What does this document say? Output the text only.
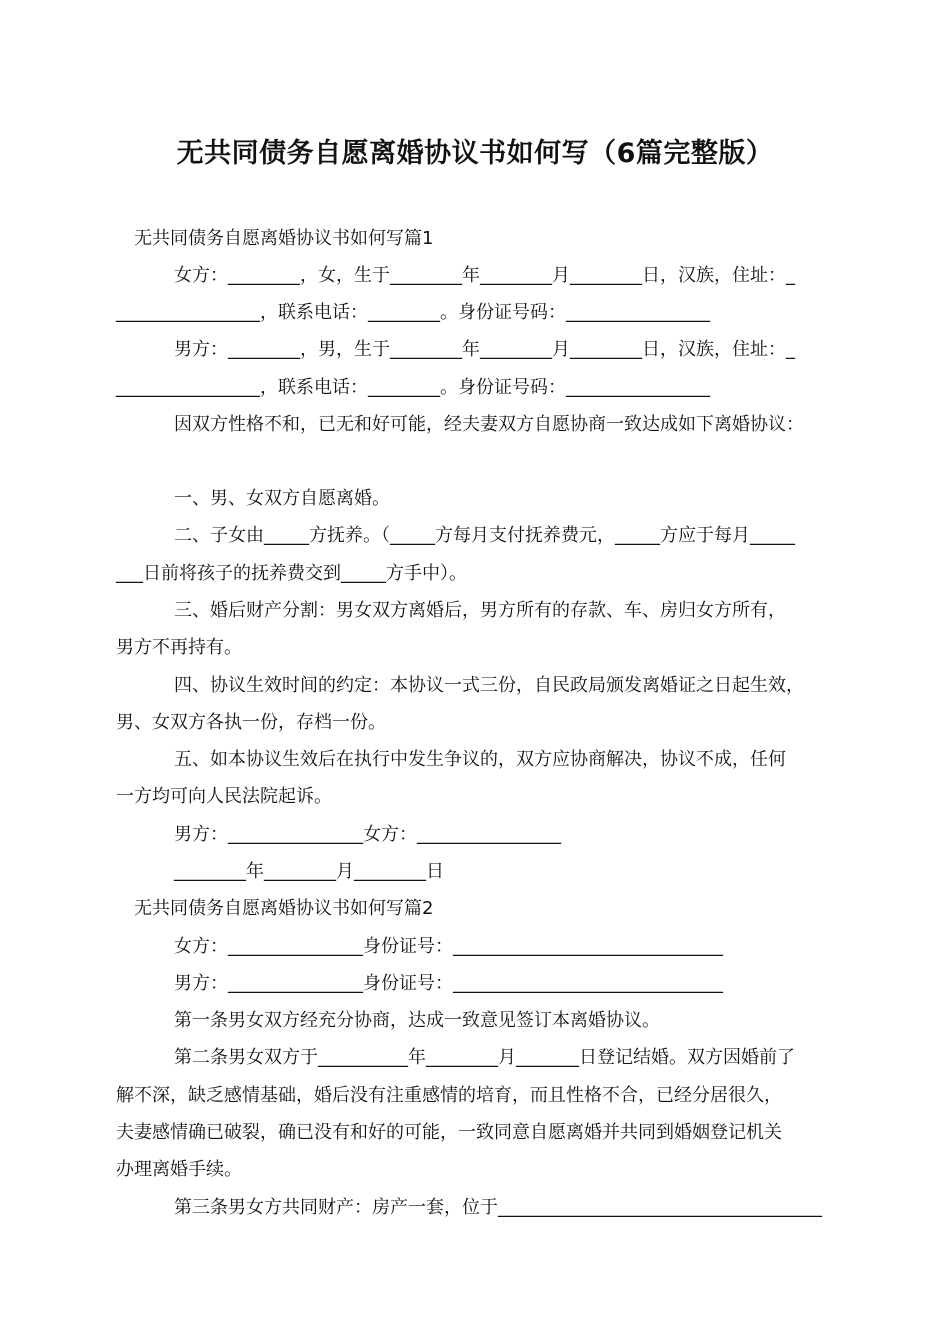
无共同债务自愿离婚协议书如何写（6篇完整版）
无共同债务自愿离婚协议书如何写篇1
女方：________，女，生于________年________月________日，汉族，住址：_
________________，联系电话：________。身份证号码：________________
男方：________，男，生于________年________月________日，汉族，住址：_
________________，联系电话：________。身份证号码：________________
因双方性格不和，已无和好可能，经夫妻双方自愿协商一致达成如下离婚协议：
一、男、女双方自愿离婚。
二、子女由_____方抚养。（_____方每月支付抚养费元，_____方应于每月_____
___日前将孩子的抚养费交到_____方手中）。
三、婚后财产分割：男女双方离婚后，男方所有的存款、车、房归女方所有，
男方不再持有。
四、协议生效时间的约定：本协议一式三份，自民政局颁发离婚证之日起生效，
男、女双方各执一份，存档一份。
五、如本协议生效后在执行中发生争议的，双方应协商解决，协议不成，任何
一方均可向人民法院起诉。
男方：_______________女方：________________
________年________月________日
无共同债务自愿离婚协议书如何写篇2
女方：_______________身份证号：______________________________
男方：_______________身份证号：______________________________
第一条男女双方经充分协商，达成一致意见签订本离婚协议。
第二条男女双方于__________年________月_______日登记结婚。双方因婚前了
解不深，缺乏感情基础，婚后没有注重感情的培育，而且性格不合，已经分居很久，
夫妻感情确已破裂，确已没有和好的可能，一致同意自愿离婚并共同到婚姻登记机关
办理离婚手续。
第三条男女方共同财产：房产一套，位于____________________________________
